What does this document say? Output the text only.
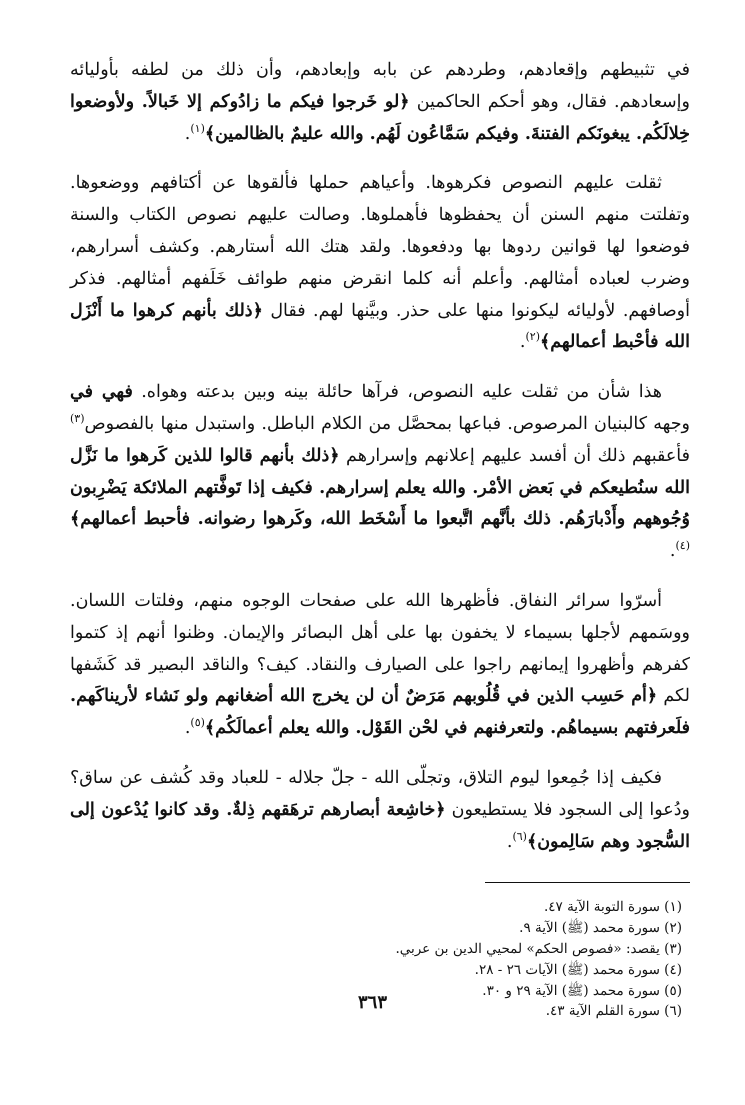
في تثبيطهم وإقعادهم، وطردهم عن بابه وإبعادهم، وأن ذلك من لطفه بأوليائه وإسعادهم. فقال، وهو أحكم الحاكمين ﴿لو خَرجوا فيكم ما زادُوكم إلا خَبالاً. ولأوضعوا خِلالَكُم. يبغونَكم الفتنةَ. وفيكم سَمَّاعُون لَهُم. والله عليمٌ بالظالمين﴾$^{(١)}$.

ثقلت عليهم النصوص فكرهوها. وأعياهم حملها فألقوها عن أكتافهم ووضعوها. وتفلتت منهم السنن أن يحفظوها فأهملوها. وصالت عليهم نصوص الكتاب والسنة فوضعوا لها قوانين ردوها بها ودفعوها. ولقد هتك الله أستارهم. وكشف أسرارهم، وضرب لعباده أمثالهم. وأعلم أنه كلما انقرض منهم طوائف خَلَفهم أمثالهم. فذكر أوصافهم. لأوليائه ليكونوا منها على حذر. وبيَّنها لهم. فقال ﴿ذلك بأنهم كرهوا ما أَنْزَل الله فأحْبط أعمالهم﴾$^{(٢)}$.

هذا شأن من ثقلت عليه النصوص، فرآها حائلة بينه وبين بدعته وهواه. فهي في وجهه كالبنيان المرصوص. فباعها بمحصَّل من الكلام الباطل. واستبدل منها بالفصوص$^{(٣)}$ فأعقبهم ذلك أن أفسد عليهم إعلانهم وإسرارهم ﴿ذلك بأنهم قالوا للذين كَرهوا ما نَزَّل الله سنُطيعكم في بَعض الأمْر. والله يعلم إسرارهم. فكيف إذا تَوفَّتهم الملائكة يَضْرِبون وُجُوههم وأَدْبارَهُم. ذلك بأنَّهم اتَّبعوا ما أَسْخَط الله، وكَرهوا رضوانه. فأحبط أعمالهم﴾$^{(٤)}$.

أسرّوا سرائر النفاق. فأظهرها الله على صفحات الوجوه منهم، وفلتات اللسان. ووسَمهم لأجلها بسيماء لا يخفون بها على أهل البصائر والإيمان. وظنوا أنهم إذ كتموا كفرهم وأظهروا إيمانهم راجوا على الصيارف والنقاد. كيف؟ والناقد البصير قد كَشَفها لكم ﴿أم حَسِب الذين في قُلُوبهم مَرَضٌ أن لن يخرج الله أضغانهم ولو نَشاء لأريناكَهم. فلَعرفتهم بسيماهُم. ولتعرفنهم في لحْن القَوْل. والله يعلم أعمالَكُم﴾$^{(٥)}$.

فكيف إذا جُمِعوا ليوم التلاق، وتجلّى الله - جلّ جلاله - للعباد وقد كُشف عن ساق؟ ودُعوا إلى السجود فلا يستطيعون ﴿خاشِعة أبصارهم ترهَقهم ذِلةٌ. وقد كانوا يُدْعون إلى السُّجود وهم سَالِمون﴾$^{(٦)}$.

(١) سورة التوبة الآية ٤٧.
(٢) سورة محمد (ﷺ) الآية ٩.
(٣) يقصد: «فصوص الحكم» لمحيي الدين بن عربي.
(٤) سورة محمد (ﷺ) الآيات ٢٦ - ٢٨.
(٥) سورة محمد (ﷺ) الآية ٢٩ و ٣٠.
(٦) سورة القلم الآية ٤٣.
٣٦٣
